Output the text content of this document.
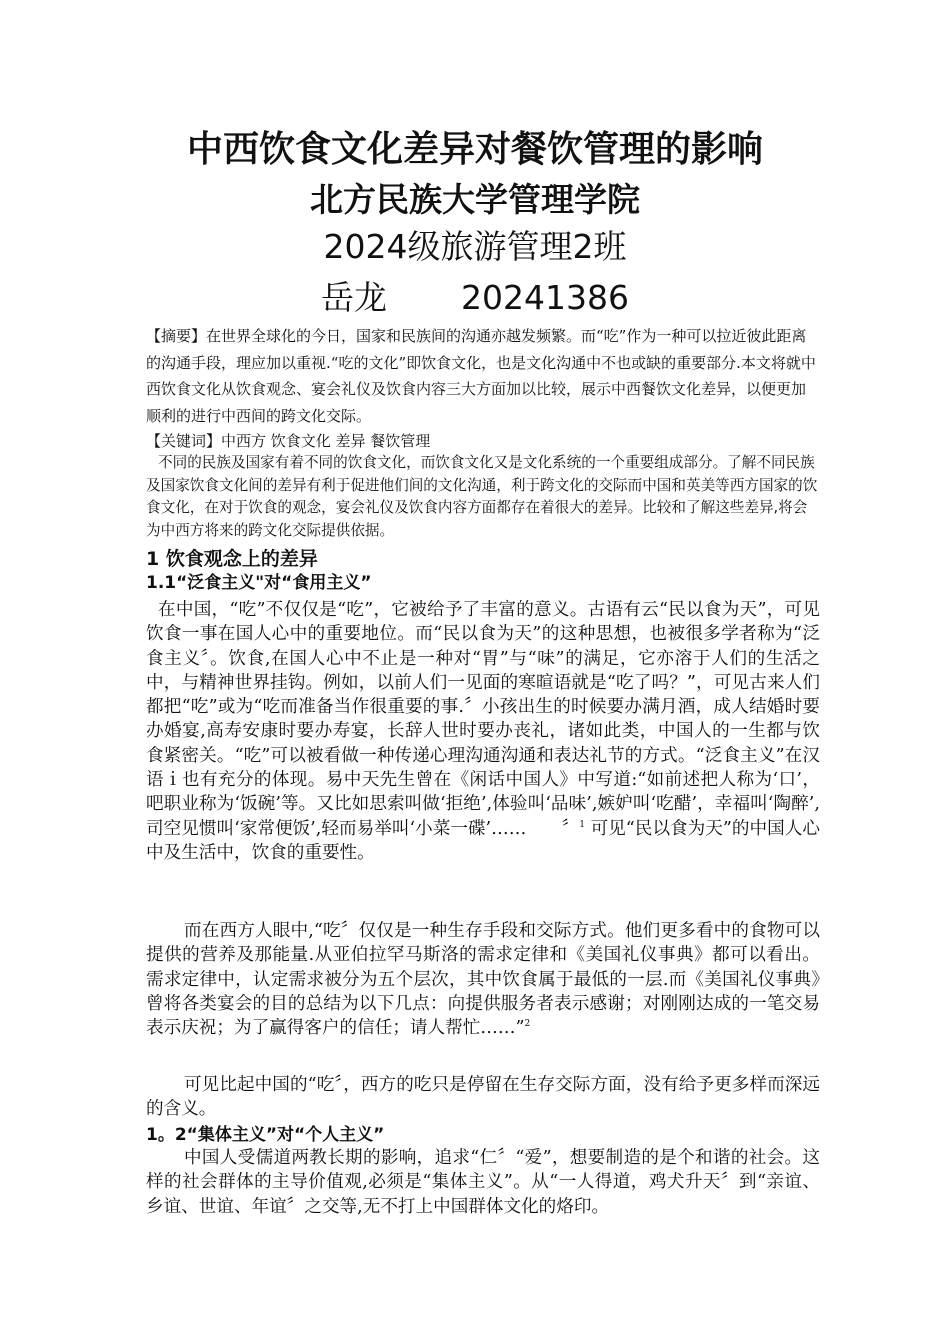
中西饮食文化差异对餐饮管理的影响
北方民族大学管理学院
2024级旅游管理2班
岳龙 20241386
【摘要】在世界全球化的今日，国家和民族间的沟通亦越发频繁。而“吃”作为一种可以拉近彼此距离的沟通手段，理应加以重视.“吃的文化”即饮食文化，也是文化沟通中不也或缺的重要部分.本文将就中西饮食文化从饮食观念、宴会礼仪及饮食内容三大方面加以比较，展示中西餐饮文化差异，以便更加顺利的进行中西间的跨文化交际。
【关键词】中西方 饮食文化 差异 餐饮管理
不同的民族及国家有着不同的饮食文化，而饮食文化又是文化系统的一个重要组成部分。了解不同民族及国家饮食文化间的差异有利于促进他们间的文化沟通，利于跨文化的交际而中国和英美等西方国家的饮食文化，在对于饮食的观念，宴会礼仪及饮食内容方面都存在着很大的差异。比较和了解这些差异,将会为中西方将来的跨文化交际提供依据。
1 饮食观念上的差异
1.1“泛食主义"对“食用主义”
在中国，“吃”不仅仅是“吃”，它被给予了丰富的意义。古语有云“民以食为天”，可见饮食一事在国人心中的重要地位。而“民以食为天”的这种思想，也被很多学者称为“泛食主义〞。饮食,在国人心中不止是一种对“胃”与“味”的满足，它亦溶于人们的生活之中，与精神世界挂钩。例如，以前人们一见面的寒暄语就是“吃了吗？”，可见古来人们都把“吃”或为“吃而准备当作很重要的事.〞小孩出生的时候要办满月酒，成人结婚时要办婚宴,高寿安康时要办寿宴，长辞人世时要办丧礼，诸如此类，中国人的一生都与饮食紧密关。“吃”可以被看做一种传递心理沟通沟通和表达礼节的方式。“泛食主义”在汉语ｉ也有充分的体现。易中天先生曾在《闲话中国人》中写道:“如前述把人称为‘口’，吧职业称为‘饭碗’等。又比如思索叫做‘拒绝’,体验叫‘品味’,嫉妒叫‘吃醋’，幸福叫‘陶醉’,司空见惯叫‘家常便饭’,轻而易举叫‘小菜一碟’……　　〞$^1$ 可见“民以食为天”的中国人心中及生活中，饮食的重要性。
而在西方人眼中,“吃〞仅仅是一种生存手段和交际方式。他们更多看中的食物可以提供的营养及那能量.从亚伯拉罕马斯洛的需求定律和《美国礼仪事典》都可以看出。需求定律中，认定需求被分为五个层次，其中饮食属于最低的一层.而《美国礼仪事典》曾将各类宴会的目的总结为以下几点：向提供服务者表示感谢；对刚刚达成的一笔交易表示庆祝；为了赢得客户的信任；请人帮忙……”$^2$
可见比起中国的“吃〞，西方的吃只是停留在生存交际方面，没有给予更多样而深远的含义。
1。2“集体主义”对“个人主义”
中国人受儒道两教长期的影响，追求“仁〞“爱”，想要制造的是个和谐的社会。这样的社会群体的主导价值观,必须是“集体主义”。从“一人得道，鸡犬升天〞到“亲谊、乡谊、世谊、年谊〞之交等,无不打上中国群体文化的烙印。
